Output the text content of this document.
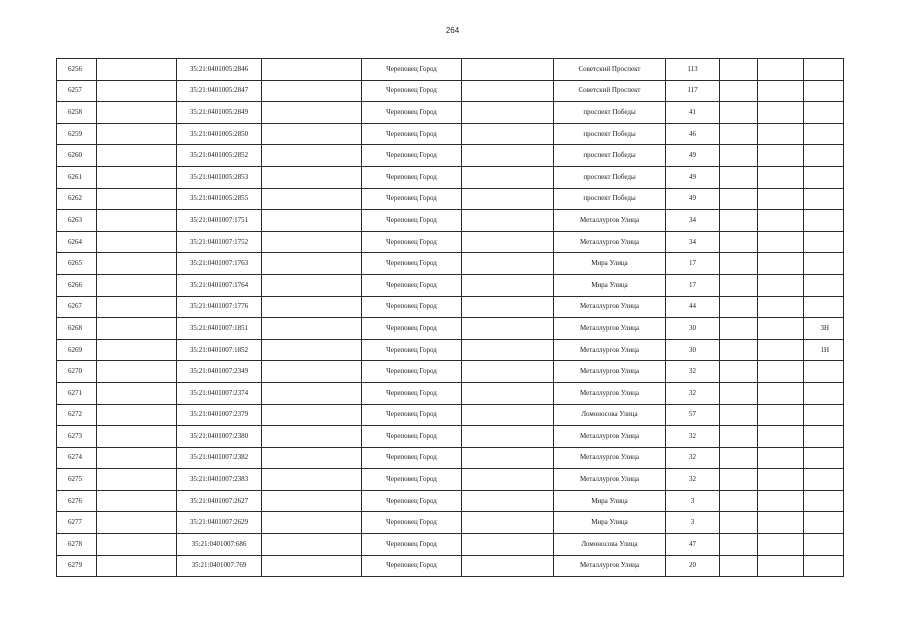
264
6256		35:21:0401005:2846		Череповец Город		Советский Проспект	113			
6257		35:21:0401005:2847		Череповец Город		Советский Проспект	117			
6258		35:21:0401005:2849		Череповец Город		проспект Победы	41			
6259		35:21:0401005:2850		Череповец Город		проспект Победы	46			
6260		35:21:0401005:2852		Череповец Город		проспект Победы	49			
6261		35:21:0401005:2853		Череповец Город		проспект Победы	49			
6262		35:21:0401005:2855		Череповец Город		проспект Победы	49			
6263		35:21:0401007:1751		Череповец Город		Металлургов Улица	34			
6264		35:21:0401007:1752		Череповец Город		Металлургов Улица	34			
6265		35:21:0401007:1763		Череповец Город		Мира Улица	17			
6266		35:21:0401007:1764		Череповец Город		Мира Улица	17			
6267		35:21:0401007:1776		Череповец Город		Металлургов Улица	44			
6268		35:21:0401007:1851		Череповец Город		Металлургов Улица	30			3Н
6269		35:21:0401007:1852		Череповец Город		Металлургов Улица	30			1Н
6270		35:21:0401007:2349		Череповец Город		Металлургов Улица	32			
6271		35:21:0401007:2374		Череповец Город		Металлургов Улица	32			
6272		35:21:0401007:2379		Череповец Город		Ломоносова Улица	57			
6273		35:21:0401007:2380		Череповец Город		Металлургов Улица	32			
6274		35:21:0401007:2382		Череповец Город		Металлургов Улица	32			
6275		35:21:0401007:2383		Череповец Город		Металлургов Улица	32			
6276		35:21:0401007:2627		Череповец Город		Мира Улица	3			
6277		35:21:0401007:2629		Череповец Город		Мира Улица	3			
6278		35:21:0401007:686		Череповец Город		Ломоносова Улица	47			
6279		35:21:0401007:769		Череповец Город		Металлургов Улица	20			
